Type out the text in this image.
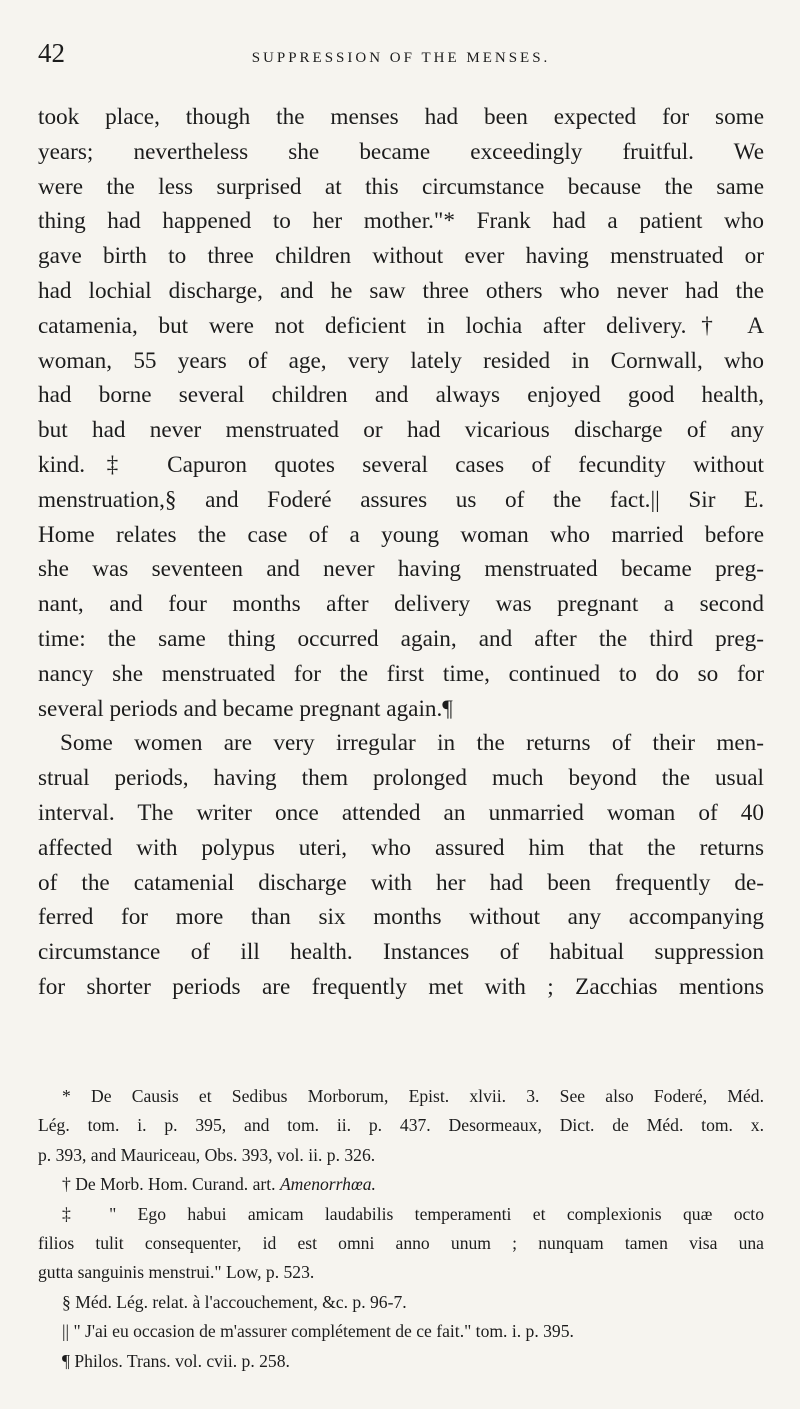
42	SUPPRESSION OF THE MENSES.
took place, though the menses had been expected for some
years; nevertheless she became exceedingly fruitful. We
were the less surprised at this circumstance because the same
thing had happened to her mother."* Frank had a patient who
gave birth to three children without ever having menstruated or
had lochial discharge, and he saw three others who never had the
catamenia, but were not deficient in lochia after delivery.† A
woman, 55 years of age, very lately resided in Cornwall, who
had borne several children and always enjoyed good health,
but had never menstruated or had vicarious discharge of any
kind.‡ Capuron quotes several cases of fecundity without
menstruation,§ and Foderé assures us of the fact.|| Sir E.
Home relates the case of a young woman who married before
she was seventeen and never having menstruated became preg-
nant, and four months after delivery was pregnant a second
time: the same thing occurred again, and after the third preg-
nancy she menstruated for the first time, continued to do so for
several periods and became pregnant again.¶
Some women are very irregular in the returns of their men-
strual periods, having them prolonged much beyond the usual
interval. The writer once attended an unmarried woman of 40
affected with polypus uteri, who assured him that the returns
of the catamenial discharge with her had been frequently de-
ferred for more than six months without any accompanying
circumstance of ill health. Instances of habitual suppression
for shorter periods are frequently met with ; Zacchias mentions
* De Causis et Sedibus Morborum, Epist. xlvii. 3. See also Foderé, Méd.
Lég. tom. i. p. 395, and tom. ii. p. 437. Desormeaux, Dict. de Méd. tom. x.
p. 393, and Mauriceau, Obs. 393, vol. ii. p. 326.
† De Morb. Hom. Curand. art. Amenorrhœa.
‡ " Ego habui amicam laudabilis temperamenti et complexionis quæ octo
filios tulit consequenter, id est omni anno unum ; nunquam tamen visa una
gutta sanguinis menstrui." Low, p. 523.
§ Méd. Lég. relat. à l'accouchement, &c. p. 96-7.
|| " J'ai eu occasion de m'assurer complétement de ce fait." tom. i. p. 395.
¶ Philos. Trans. vol. cvii. p. 258.
